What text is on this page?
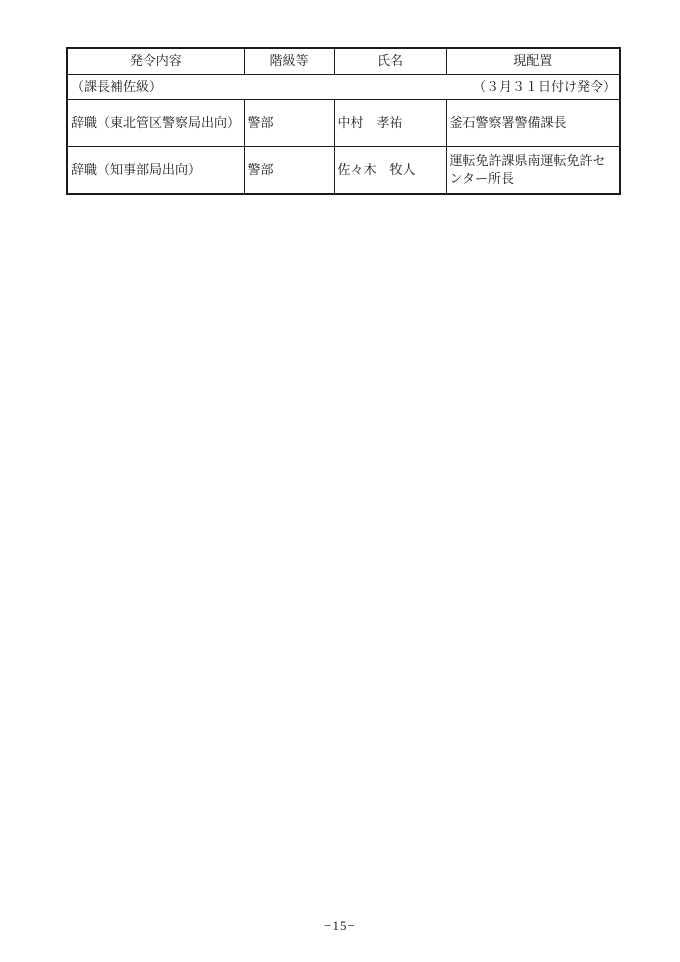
発令内容	階級等	氏名	現配置

（課長補佐級） （３月３１日付け発令）			

辞職（東北管区警察局出向）	警部	中村　孝祐	釜石警察署警備課長
辞職（知事部局出向）	警部	佐々木　牧人	運転免許課県南運転免許センター所長
−15−
